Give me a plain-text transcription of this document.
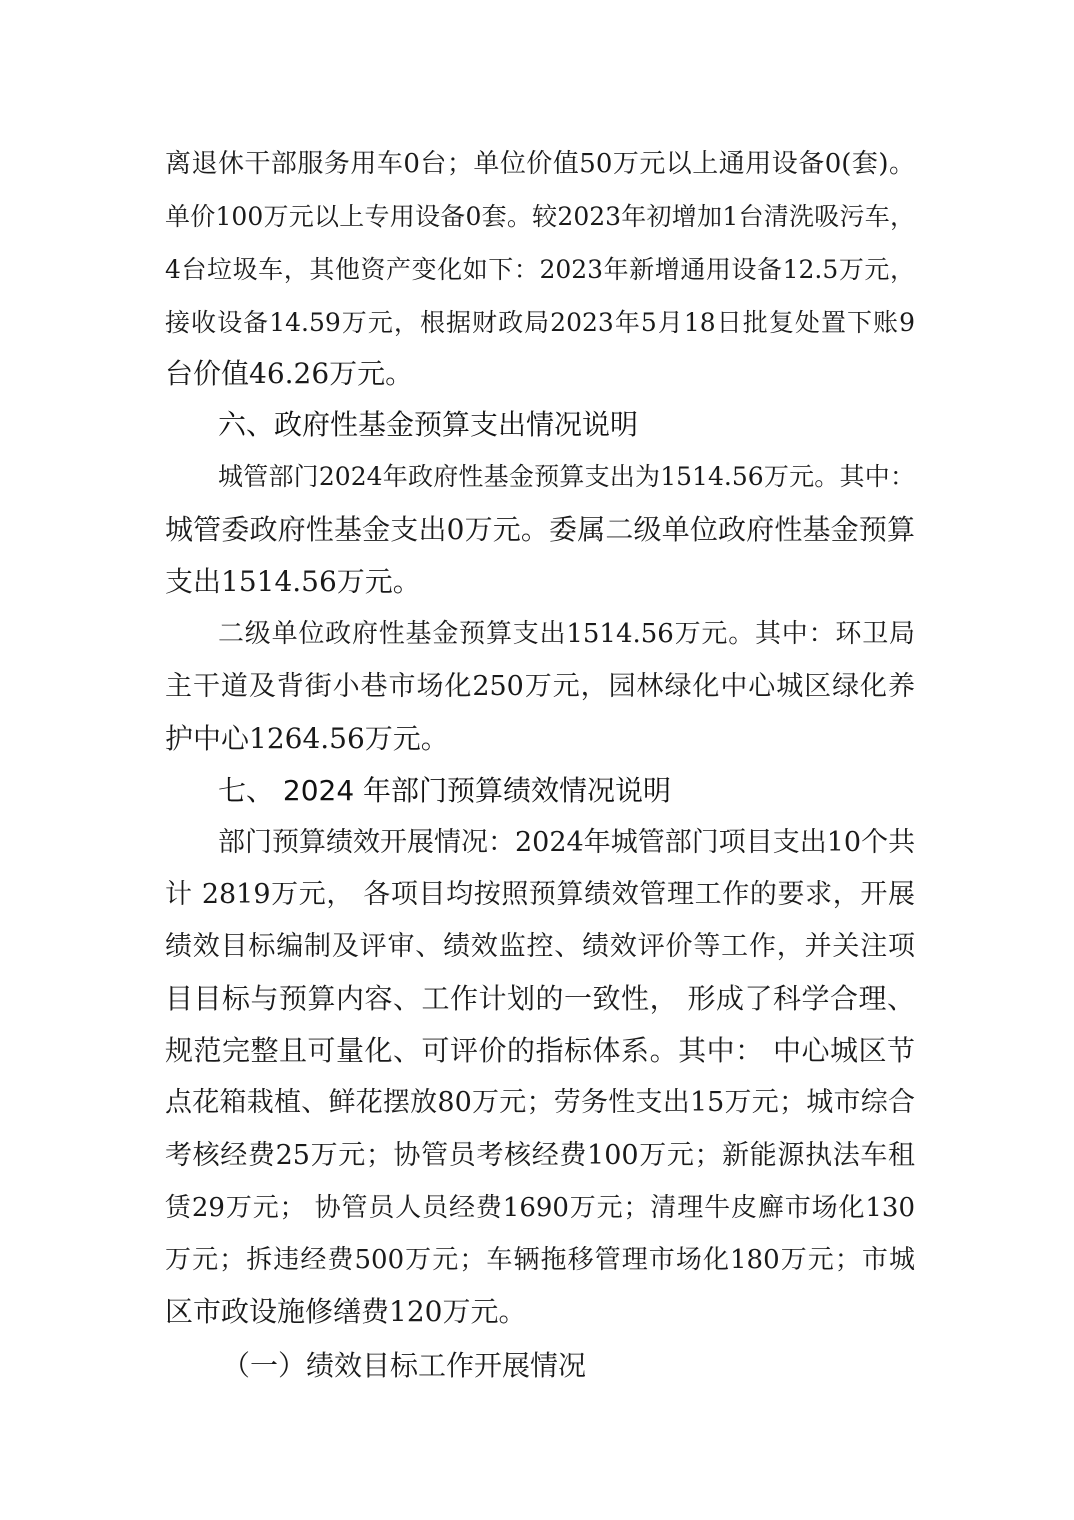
离退休干部服务用车0台；单位价值50万元以上通用设备0(套)。
单价100万元以上专用设备0套。较2023年初增加1台清洗吸污车，
4台垃圾车，其他资产变化如下：2023年新增通用设备12.5万元，
接收设备14.59万元，根据财政局2023年5月18日批复处置下账9
台价值46.26万元。
六、政府性基金预算支出情况说明
城管部门2024年政府性基金预算支出为1514.56万元。其中：
城管委政府性基金支出0万元。委属二级单位政府性基金预算
支出1514.56万元。
二级单位政府性基金预算支出1514.56万元。其中：环卫局
主干道及背街小巷市场化250万元，园林绿化中心城区绿化养
护中心1264.56万元。
七、 2024 年部门预算绩效情况说明
部门预算绩效开展情况：2024年城管部门项目支出10个共
计 2819万元， 各项目均按照预算绩效管理工作的要求，开展
绩效目标编制及评审、绩效监控、绩效评价等工作，并关注项
目目标与预算内容、工作计划的一致性， 形成了科学合理、
规范完整且可量化、可评价的指标体系。其中： 中心城区节
点花箱栽植、鲜花摆放80万元；劳务性支出15万元；城市综合
考核经费25万元；协管员考核经费100万元；新能源执法车租
赁29万元； 协管员人员经费1690万元；清理牛皮廯市场化130
万元；拆违经费500万元；车辆拖移管理市场化180万元；市城
区市政设施修缮费120万元。
（一）绩效目标工作开展情况
